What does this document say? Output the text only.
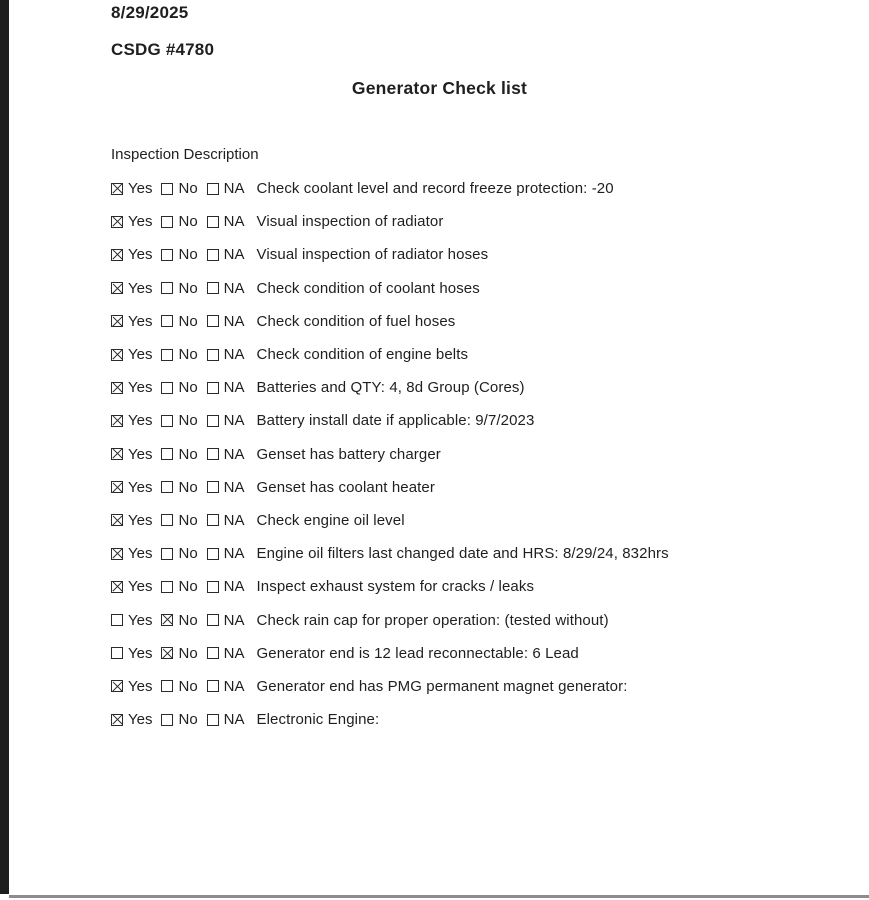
8/29/2025
CSDG #4780
Generator Check list
Inspection Description
Yes No NA Check coolant level and record freeze protection: -20
Yes No NA Visual inspection of radiator
Yes No NA Visual inspection of radiator hoses
Yes No NA Check condition of coolant hoses
Yes No NA Check condition of fuel hoses
Yes No NA Check condition of engine belts
Yes No NA Batteries and QTY: 4, 8d Group (Cores)
Yes No NA Battery install date if applicable: 9/7/2023
Yes No NA Genset has battery charger
Yes No NA Genset has coolant heater
Yes No NA Check engine oil level
Yes No NA Engine oil filters last changed date and HRS: 8/29/24, 832hrs
Yes No NA Inspect exhaust system for cracks / leaks
Yes No NA Check rain cap for proper operation: (tested without)
Yes No NA Generator end is 12 lead reconnectable: 6 Lead
Yes No NA Generator end has PMG permanent magnet generator:
Yes No NA Electronic Engine:
